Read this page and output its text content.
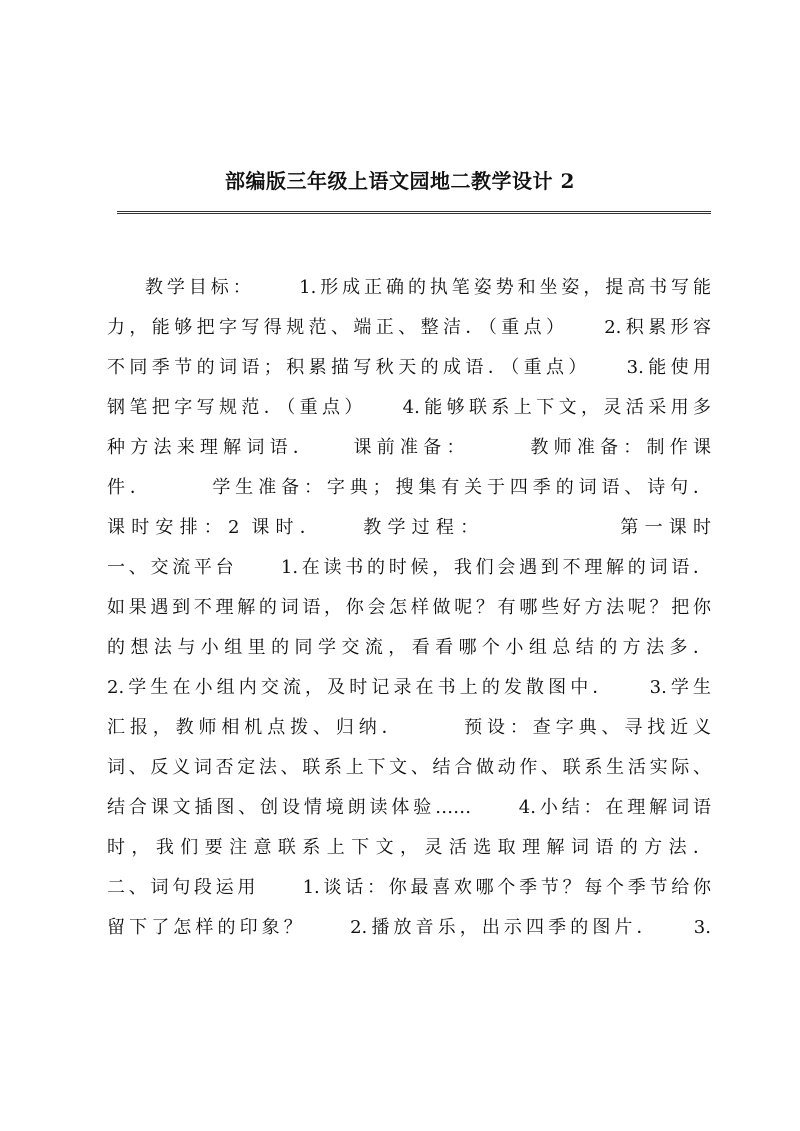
部编版三年级上语文园地二教学设计 2
教学目标：　 　1.形成正确的执笔姿势和坐姿，提高书写能
力，能够把字写得规范、端正、整洁．（重点）　　2.积累形容
不同季节的词语；积累描写秋天的成语．（重点）　　3.能使用
钢笔把字写规范．（重点）　　4.能够联系上下文，灵活采用多
种方法来理解词语．　　课前准备：　　　教师准备：制作课
件．　　　学生准备：字典；搜集有关于四季的词语、诗句．
课时安排：2 课时．　　教学过程：　　　　　　第一课时
一、交流平台　　1.在读书的时候，我们会遇到不理解的词语．
如果遇到不理解的词语，你会怎样做呢？有哪些好方法呢？把你
的想法与小组里的同学交流，看看哪个小组总结的方法多．
2.学生在小组内交流，及时记录在书上的发散图中．　　3.学生
汇报，教师相机点拨、归纳．　　　预设：查字典、寻找近义
词、反义词否定法、联系上下文、结合做动作、联系生活实际、
结合课文插图、创设情境朗读体验……　　4.小结：在理解词语
时，我们要注意联系上下文，灵活选取理解词语的方法．
二、词句段运用　　1.谈话：你最喜欢哪个季节？每个季节给你
留下了怎样的印象？　　2.播放音乐，出示四季的图片．　　3.
